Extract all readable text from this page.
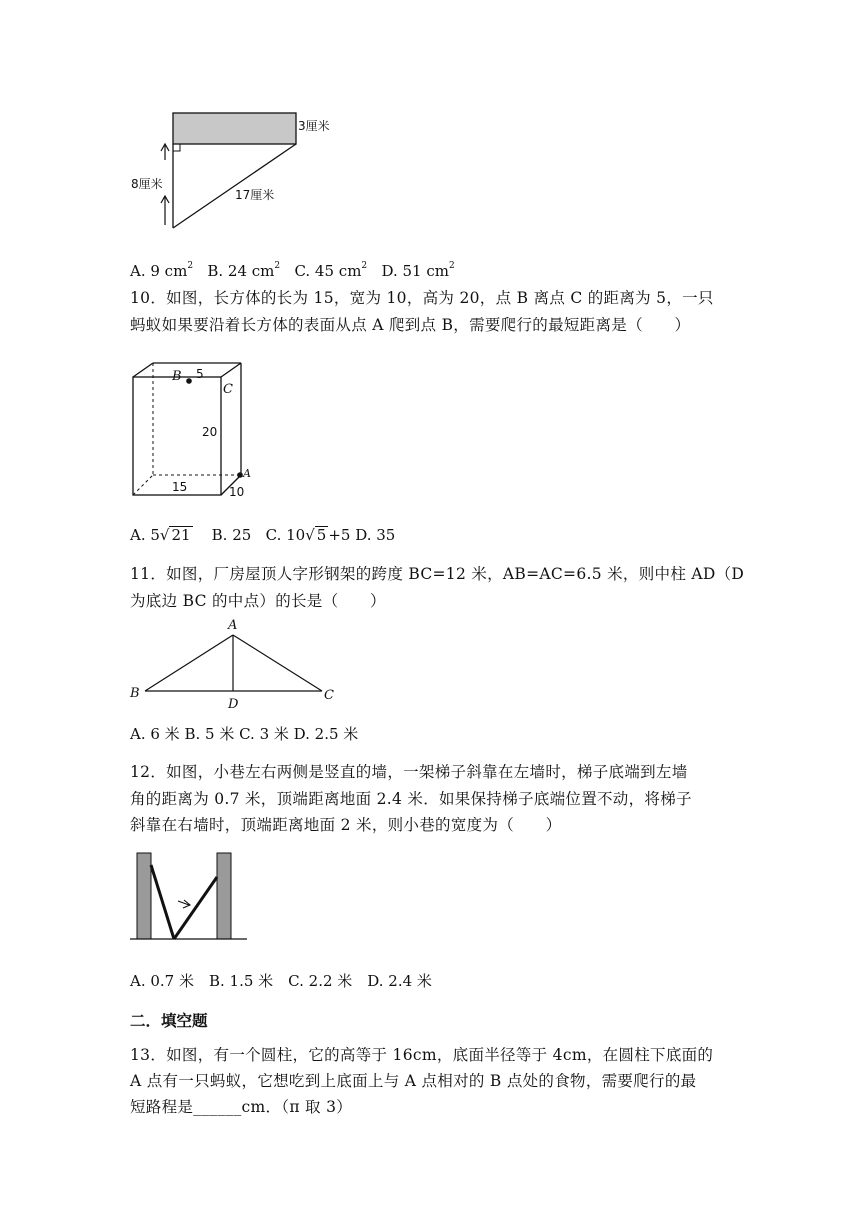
3厘米
8厘米
17厘米
A. 9 $cm^2$ B. 24 $cm^2$ C. 45 $cm^2$ D. 51 $cm^2$
10．如图，长方体的长为 15，宽为 10，高为 20，点 B 离点 C 的距离为 5，一只
蚂蚁如果要沿着长方体的表面从点 A 爬到点 B，需要爬行的最短距离是（　　）
B 5
C
20
A
15	10
A. 5√ 21 B. 25 C. 10√ 5 +5 D. 35
11．如图，厂房屋顶人字形钢架的跨度 BC=12 米，AB=AC=6.5 米，则中柱 AD（D
为底边 BC 的中点）的长是（　　）
A
B	C
D
A. 6 米 B. 5 米 C. 3 米 D. 2.5 米
12．如图，小巷左右两侧是竖直的墙，一架梯子斜靠在左墙时，梯子底端到左墙
角的距离为 0.7 米，顶端距离地面 2.4 米．如果保持梯子底端位置不动，将梯子
斜靠在右墙时，顶端距离地面 2 米，则小巷的宽度为（　　）
A. 0.7 米　B. 1.5 米　C. 2.2 米　D. 2.4 米
二．填空题
13．如图，有一个圆柱，它的高等于 16cm，底面半径等于 4cm，在圆柱下底面的
A 点有一只蚂蚁，它想吃到上底面上与 A 点相对的 B 点处的食物，需要爬行的最
短路程是______cm．（π 取 3）
